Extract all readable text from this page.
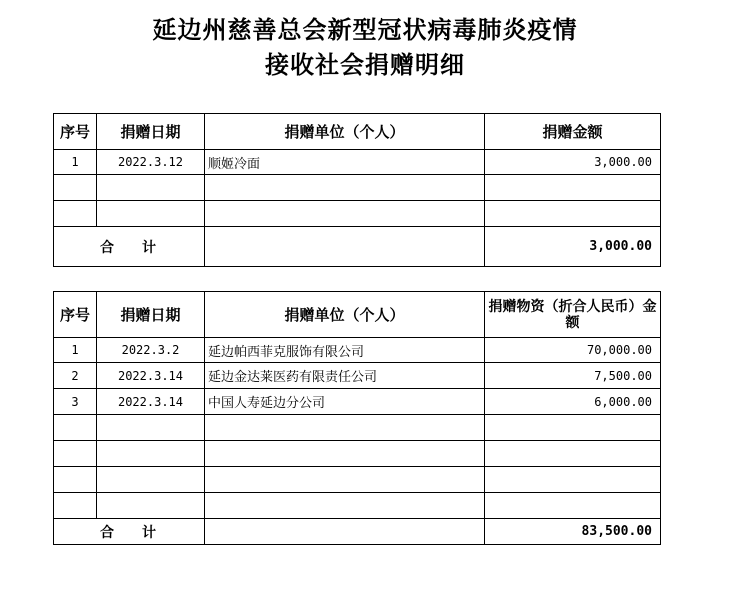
延边州慈善总会新型冠状病毒肺炎疫情
接收社会捐赠明细
序号	捐赠日期	捐赠单位（个人）	捐赠金额
1	2022.3.12	顺姬冷面	3,000.00

合　　计			3,000.00
序号	捐赠日期	捐赠单位（个人）	捐赠物资（折合人民币）金额
1	2022.3.2	延边帕西菲克服饰有限公司	70,000.00
2	2022.3.14	延边金达莱医药有限责任公司	7,500.00
3	2022.3.14	中国人寿延边分公司	6,000.00

合　　计			83,500.00
